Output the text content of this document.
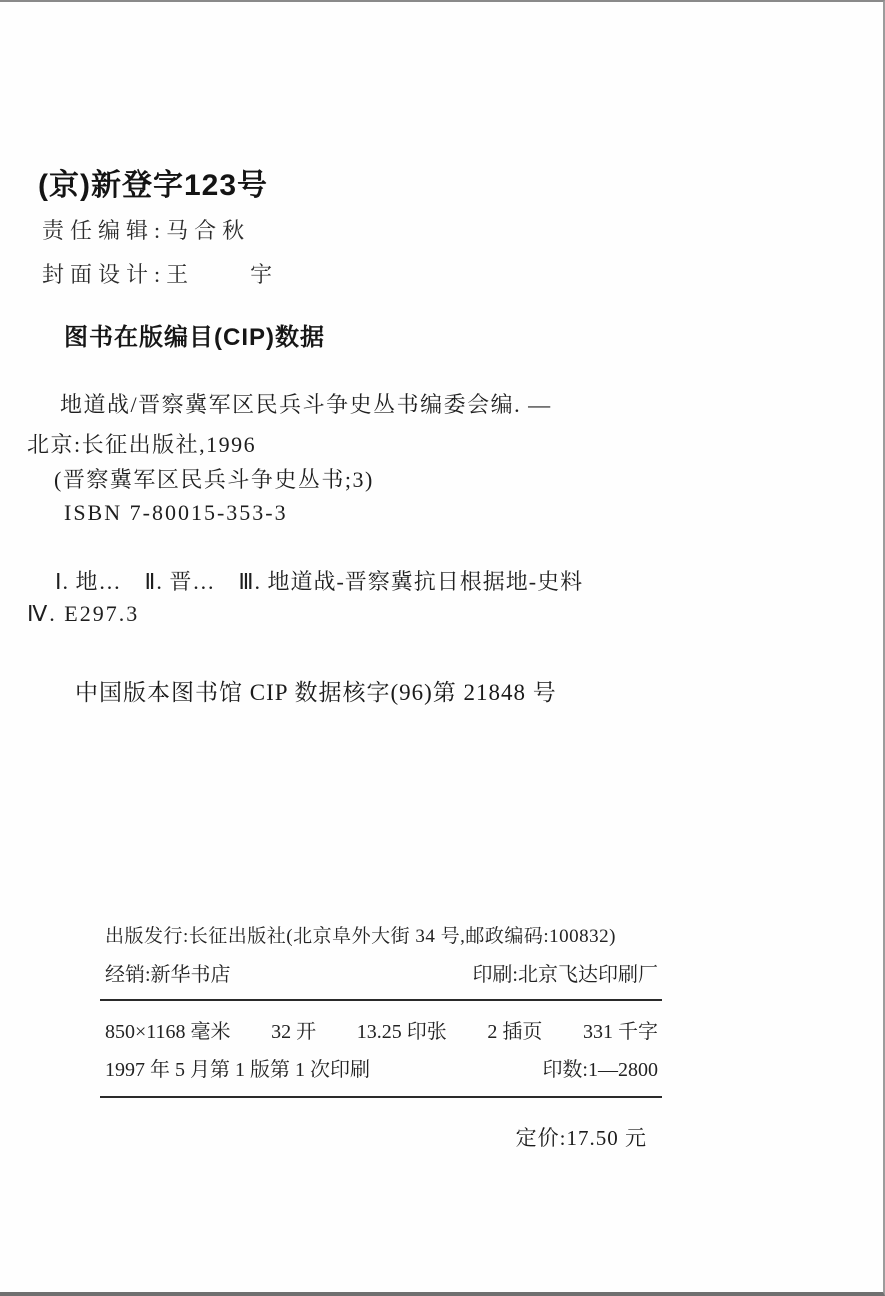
(京)新登字123号
责任编辑:马合秋
封面设计:王　　宇
图书在版编目(CIP)数据
地道战/晋察冀军区民兵斗争史丛书编委会编. —
北京:长征出版社,1996
(晋察冀军区民兵斗争史丛书;3)
ISBN 7-80015-353-3
Ⅰ. 地…　Ⅱ. 晋…　Ⅲ. 地道战-晋察冀抗日根据地-史料
Ⅳ. E297.3
中国版本图书馆 CIP 数据核字(96)第 21848 号
出版发行:长征出版社(北京阜外大街 34 号,邮政编码:100832)
经销:新华书店	印刷:北京飞达印刷厂
850×1168 毫米 32 开 13.25 印张 2 插页 331 千字
1997 年 5 月第 1 版第 1 次印刷	印数:1—2800
定价:17.50 元
